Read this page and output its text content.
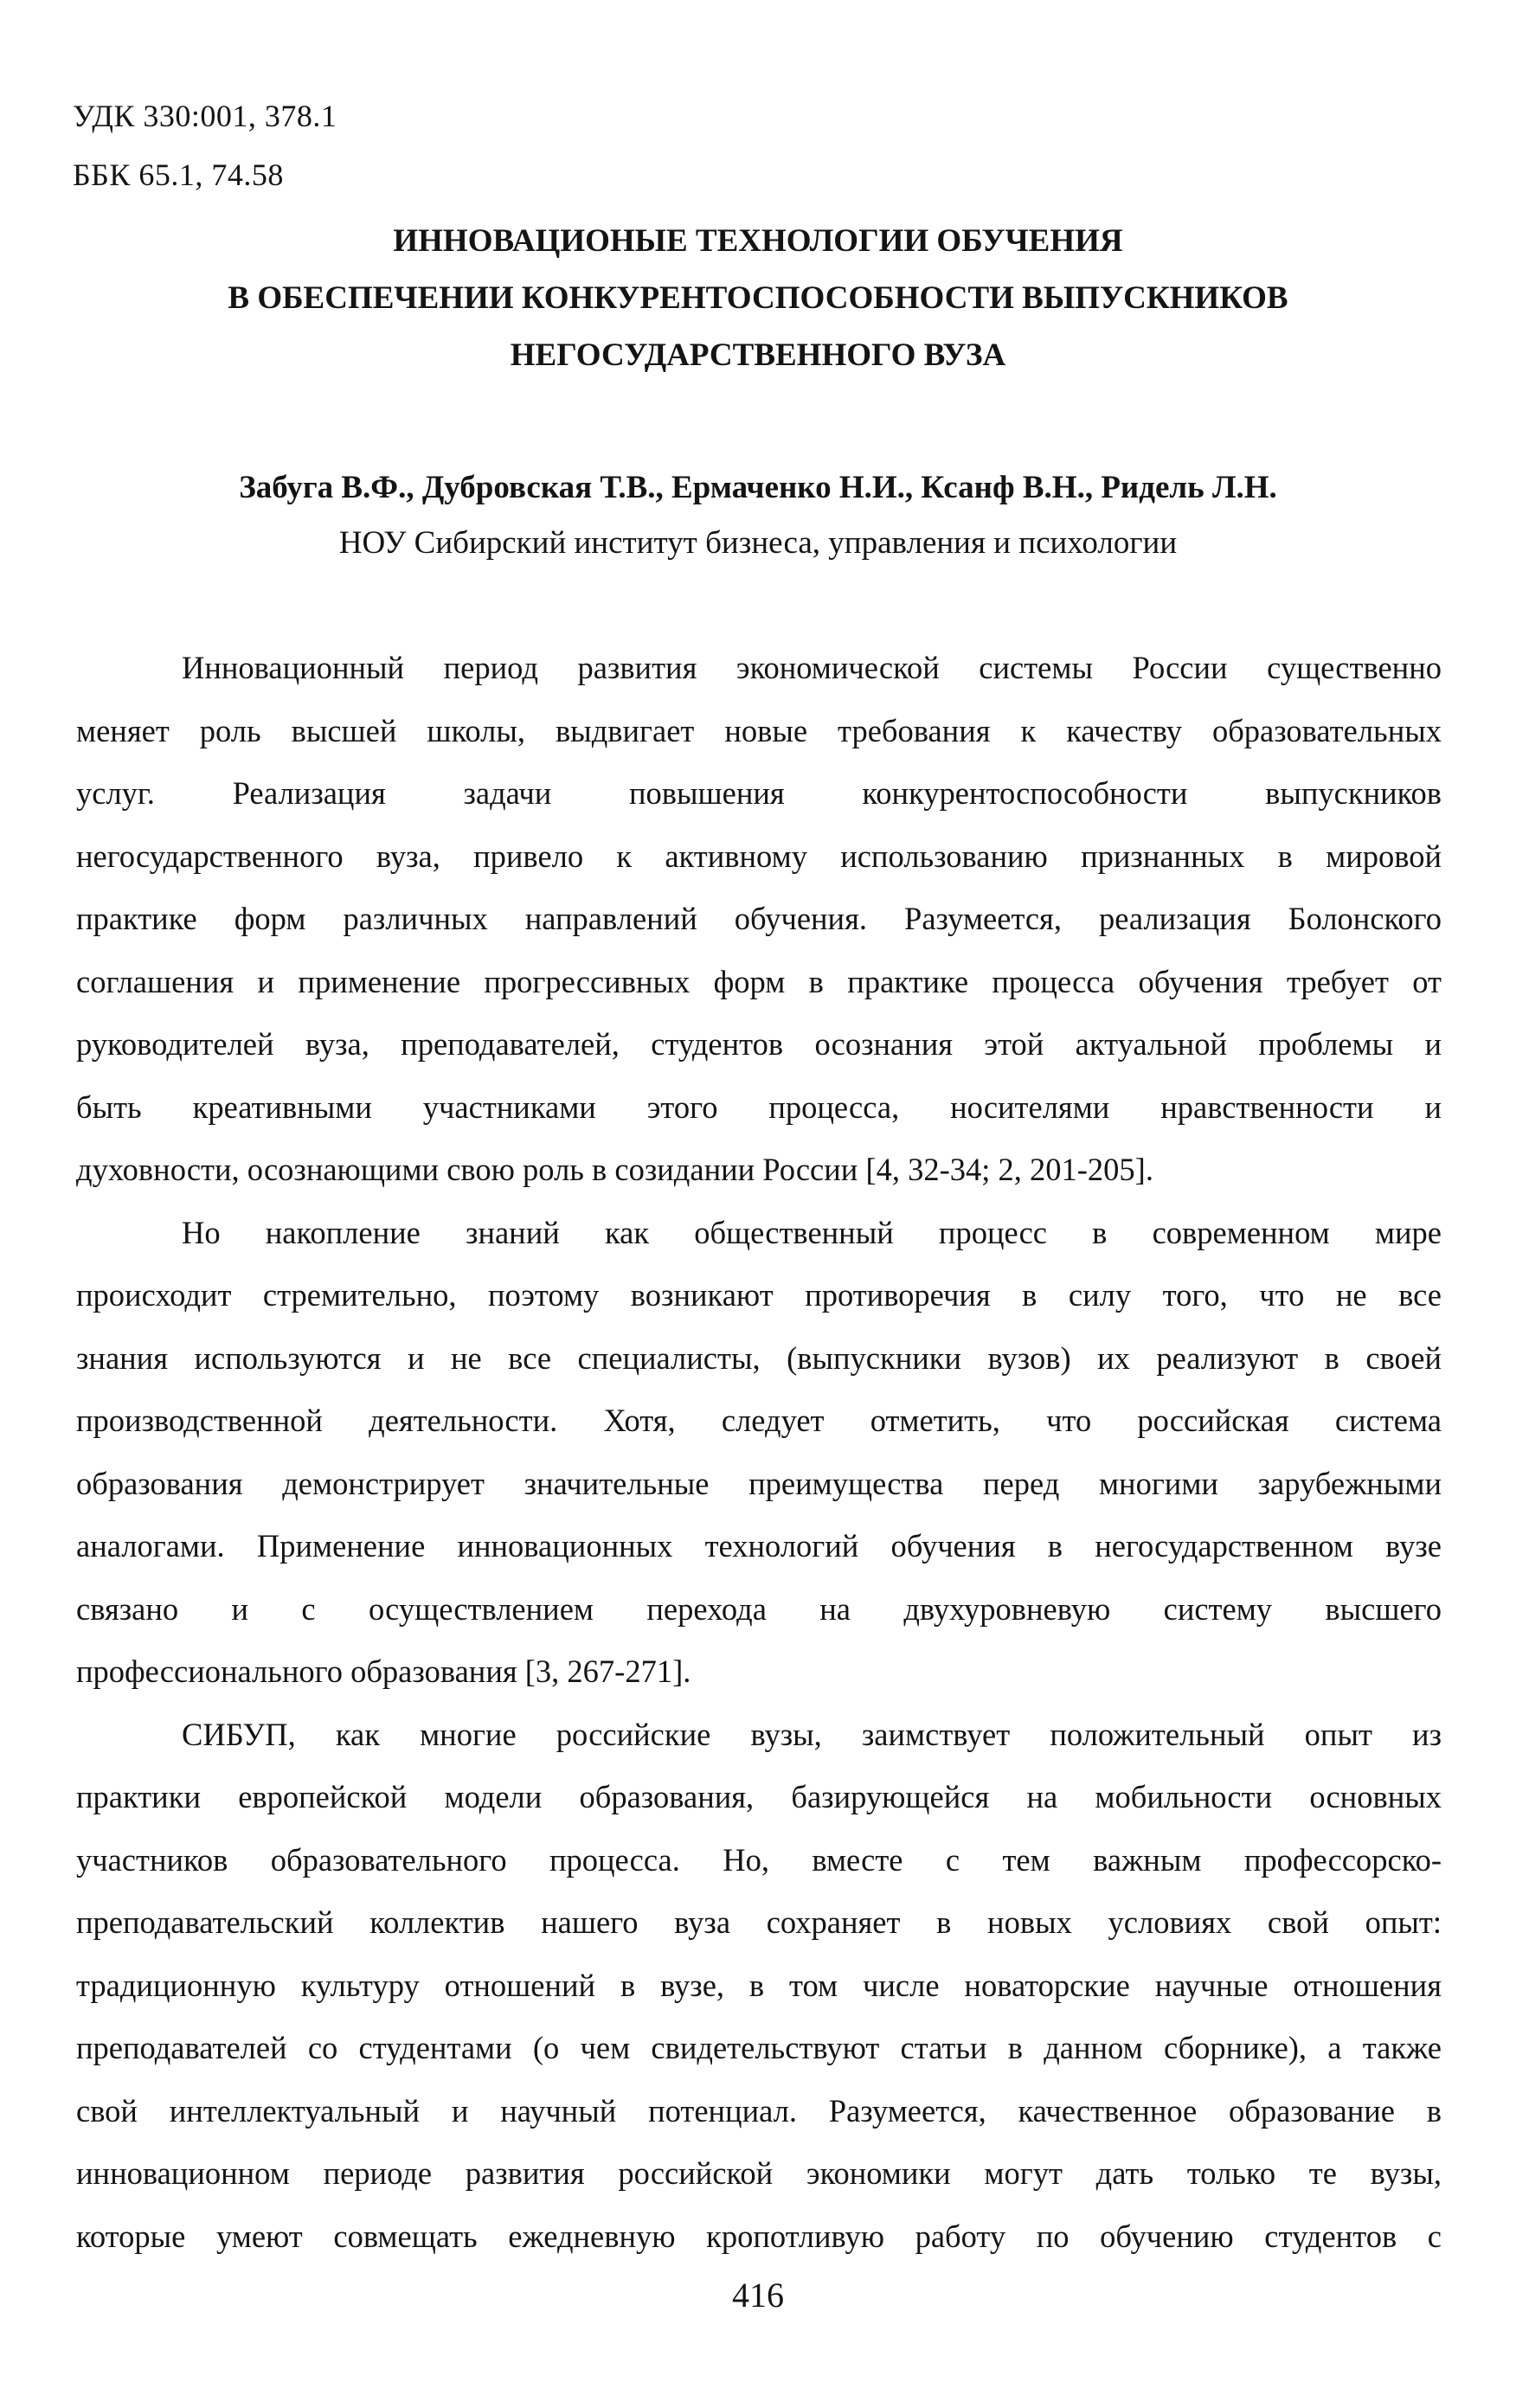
УДК 330:001, 378.1
ББК 65.1, 74.58
ИННОВАЦИОНЫЕ ТЕХНОЛОГИИ ОБУЧЕНИЯ
В ОБЕСПЕЧЕНИИ КОНКУРЕНТОСПОСОБНОСТИ ВЫПУСКНИКОВ
НЕГОСУДАРСТВЕННОГО ВУЗА
Забуга В.Ф., Дубровская Т.В., Ермаченко Н.И., Ксанф В.Н., Ридель Л.Н.
НОУ Сибирский институт бизнеса, управления и психологии
Инновационный период развития экономической системы России существенно
меняет роль высшей школы, выдвигает новые требования к качеству образовательных
услуг. Реализация задачи повышения конкурентоспособности выпускников
негосударственного вуза, привело к активному использованию признанных в мировой
практике форм различных направлений обучения. Разумеется, реализация Болонского
соглашения и применение прогрессивных форм в практике процесса обучения требует от
руководителей вуза, преподавателей, студентов осознания этой актуальной проблемы и
быть креативными участниками этого процесса, носителями нравственности и
духовности, осознающими свою роль в созидании России [4, 32-34; 2, 201-205].
Но накопление знаний как общественный процесс в современном мире
происходит стремительно, поэтому возникают противоречия в силу того, что не все
знания используются и не все специалисты, (выпускники вузов) их реализуют в своей
производственной деятельности. Хотя, следует отметить, что российская система
образования демонстрирует значительные преимущества перед многими зарубежными
аналогами. Применение инновационных технологий обучения в негосударственном вузе
связано и с осуществлением перехода на двухуровневую систему высшего
профессионального образования [3, 267-271].
СИБУП, как многие российские вузы, заимствует положительный опыт из
практики европейской модели образования, базирующейся на мобильности основных
участников образовательного процесса. Но, вместе с тем важным профессорско-
преподавательский коллектив нашего вуза сохраняет в новых условиях свой опыт:
традиционную культуру отношений в вузе, в том числе новаторские научные отношения
преподавателей со студентами (о чем свидетельствуют статьи в данном сборнике), а также
свой интеллектуальный и научный потенциал. Разумеется, качественное образование в
инновационном периоде развития российской экономики могут дать только те вузы,
которые умеют совмещать ежедневную кропотливую работу по обучению студентов с
416
